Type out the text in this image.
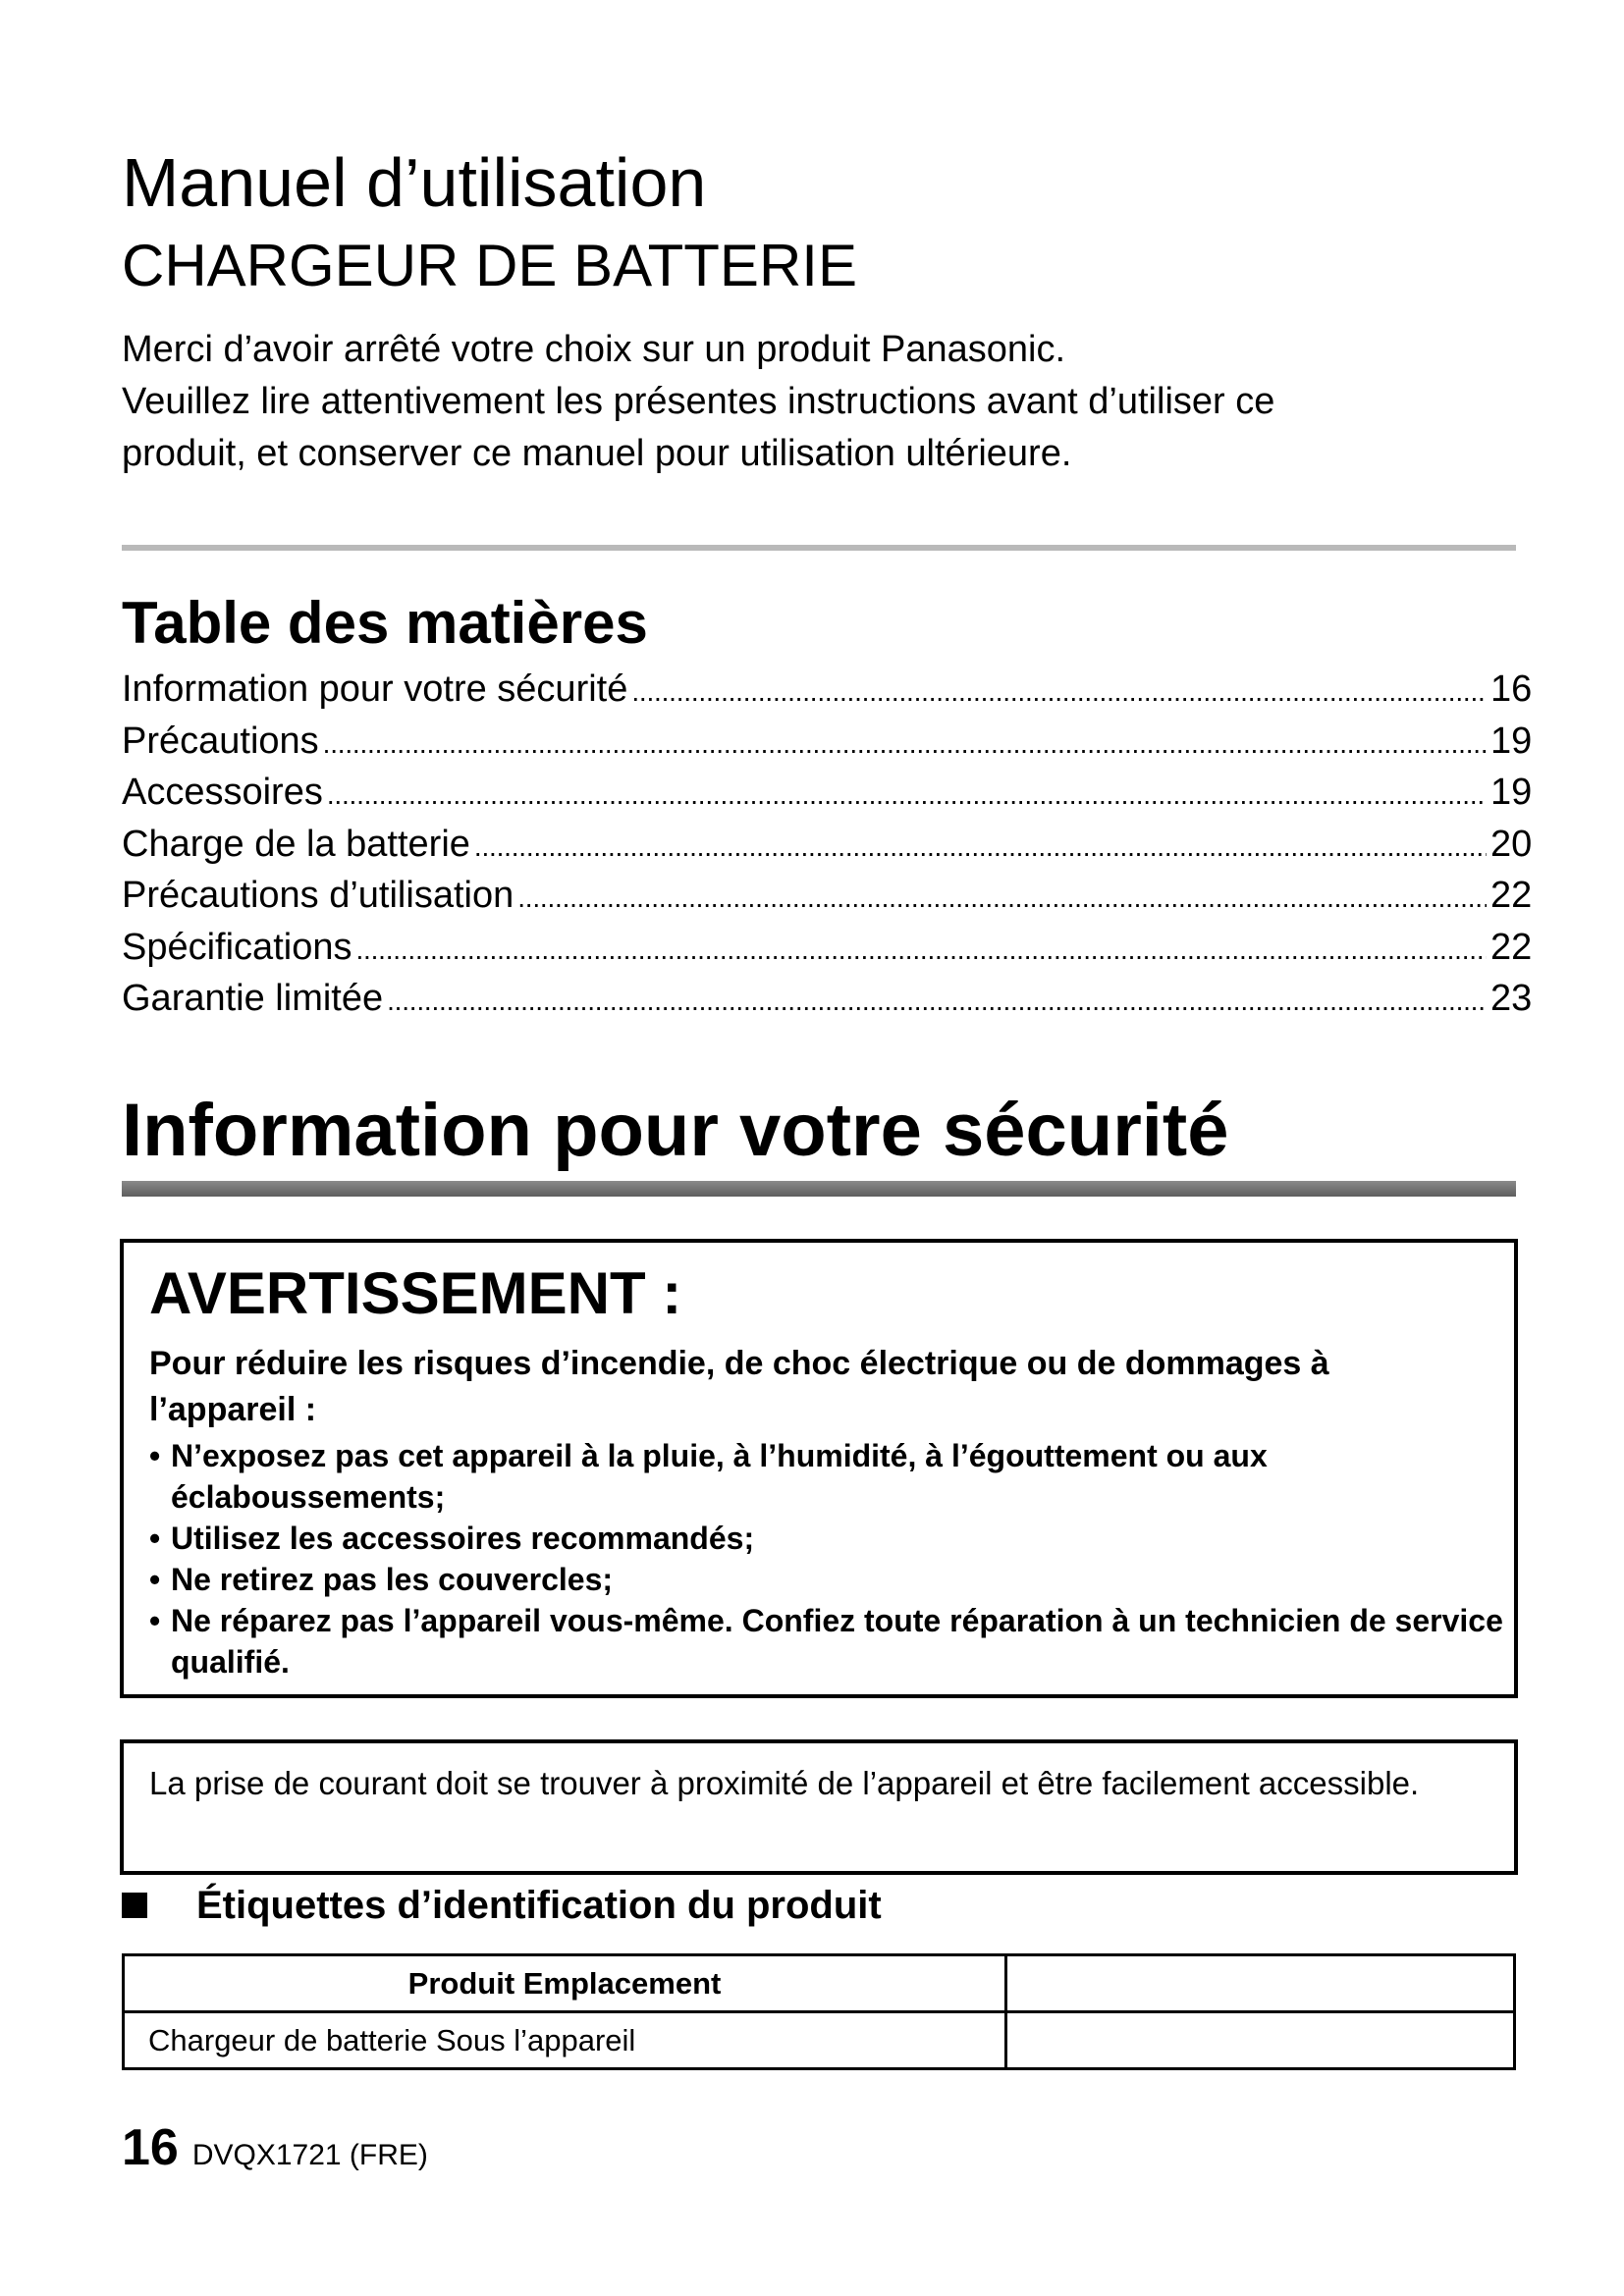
Manuel d’utilisation
CHARGEUR DE BATTERIE
Merci d’avoir arrêté votre choix sur un produit Panasonic.
Veuillez lire attentivement les présentes instructions avant d’utiliser ce
produit, et conserver ce manuel pour utilisation ultérieure.
Table des matières
Information pour votre sécurité . . .	16
Précautions . . .	19
Accessoires . . .	19
Charge de la batterie . . .	20
Précautions d’utilisation . . .	22
Spécifications . . .	22
Garantie limitée . . .	23
Information pour votre sécurité
AVERTISSEMENT :
Pour réduire les risques d’incendie, de choc électrique ou de dommages à l’appareil :
• N’exposez pas cet appareil à la pluie, à l’humidité, à l’égouttement ou aux éclaboussements;
• Utilisez les accessoires recommandés;
• Ne retirez pas les couvercles;
• Ne réparez pas l’appareil vous-même. Confiez toute réparation à un technicien de service qualifié.
La prise de courant doit se trouver à proximité de l’appareil et être facilement accessible.
Étiquettes d’identification du produit
Produit Emplacement	
Chargeur de batterie Sous l’appareil	
16 DVQX1721 (FRE)
